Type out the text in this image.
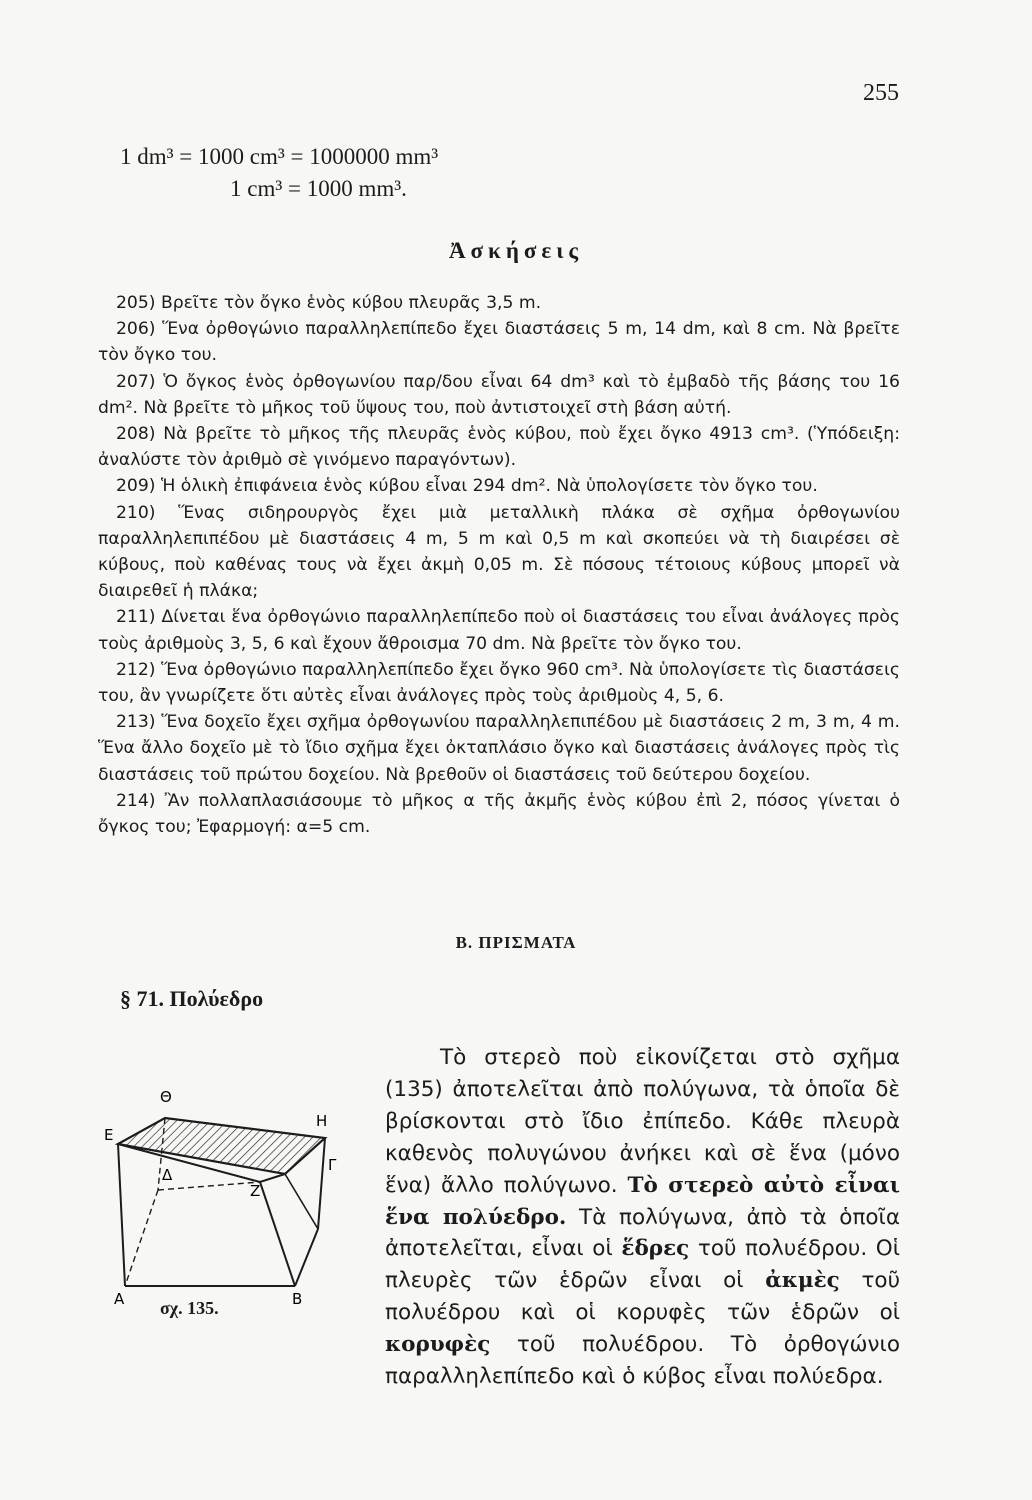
255
1 dm³ = 1000 cm³ = 1000000 mm³
1 cm³ = 1000 mm³.
Ἀσκήσεις

205) Βρεῖτε τὸν ὄγκο ἑνὸς κύβου πλευρᾶς 3,5 m.

206) Ἕνα ὀρθογώνιο παραλληλεπίπεδο ἔχει διαστάσεις 5 m, 14 dm, καὶ 8 cm. Νὰ βρεῖτε τὸν ὄγκο του.

207) Ὁ ὄγκος ἑνὸς ὀρθογωνίου παρ/δου εἶναι 64 dm³ καὶ τὸ ἐμβαδὸ τῆς βάσης του 16 dm². Νὰ βρεῖτε τὸ μῆκος τοῦ ὕψους του, ποὺ ἀντιστοιχεῖ στὴ βάση αὐτή.

208) Νὰ βρεῖτε τὸ μῆκος τῆς πλευρᾶς ἑνὸς κύβου, ποὺ ἔχει ὄγκο 4913 cm³. (Ὑπόδειξη: ἀναλύστε τὸν ἀριθμὸ σὲ γινόμενο παραγόντων).

209) Ἡ ὁλικὴ ἐπιφάνεια ἑνὸς κύβου εἶναι 294 dm². Νὰ ὑπολογίσετε τὸν ὄγκο του.

210) Ἕνας σιδηρουργὸς ἔχει μιὰ μεταλλικὴ πλάκα σὲ σχῆμα ὀρθογωνίου παραλληλεπιπέδου μὲ διαστάσεις 4 m, 5 m καὶ 0,5 m καὶ σκοπεύει νὰ τὴ διαιρέσει σὲ κύβους, ποὺ καθένας τους νὰ ἔχει ἀκμὴ 0,05 m. Σὲ πόσους τέτοιους κύβους μπορεῖ νὰ διαιρεθεῖ ἡ πλάκα;

211) Δίνεται ἕνα ὀρθογώνιο παραλληλεπίπεδο ποὺ οἱ διαστάσεις του εἶναι ἀνάλογες πρὸς τοὺς ἀριθμοὺς 3, 5, 6 καὶ ἔχουν ἄθροισμα 70 dm. Νὰ βρεῖτε τὸν ὄγκο του.

212) Ἕνα ὀρθογώνιο παραλληλεπίπεδο ἔχει ὄγκο 960 cm³. Νὰ ὑπολογίσετε τὶς διαστάσεις του, ἂν γνωρίζετε ὅτι αὐτὲς εἶναι ἀνάλογες πρὸς τοὺς ἀριθμοὺς 4, 5, 6.

213) Ἕνα δοχεῖο ἔχει σχῆμα ὀρθογωνίου παραλληλεπιπέδου μὲ διαστάσεις 2 m, 3 m, 4 m. Ἕνα ἄλλο δοχεῖο μὲ τὸ ἴδιο σχῆμα ἔχει ὀκταπλάσιο ὄγκο καὶ διαστάσεις ἀνάλογες πρὸς τὶς διαστάσεις τοῦ πρώτου δοχείου. Νὰ βρεθοῦν οἱ διαστάσεις τοῦ δεύτερου δοχείου.

214) Ἂν πολλαπλασιάσουμε τὸ μῆκος α τῆς ἀκμῆς ἑνὸς κύβου ἐπὶ 2, πόσος γίνεται ὁ ὄγκος του; Ἐφαρμογή: α=5 cm.

Β. ΠΡΙΣΜΑΤΑ
§ 71. Πολύεδρο
Θ
Η
Ε
Γ
Δ
Ζ
Α	Β
σχ. 135.

Τὸ στερεὸ ποὺ εἰκονίζεται στὸ σχῆμα (135) ἀποτελεῖται ἀπὸ πολύγωνα, τὰ ὁποῖα δὲ βρίσκονται στὸ ἴδιο ἐπίπεδο. Κάθε πλευρὰ καθενὸς πολυγώνου ἀνήκει καὶ σὲ ἕνα (μόνο ἕνα) ἄλλο πολύγωνο. Τὸ στερεὸ αὐτὸ εἶναι ἕνα πολύεδρο. Τὰ πολύγωνα, ἀπὸ τὰ ὁποῖα ἀποτελεῖται, εἶναι οἱ ἕδρες τοῦ πολυέδρου. Οἱ πλευρὲς τῶν ἑδρῶν εἶναι οἱ ἀκμὲς τοῦ πολυέδρου καὶ οἱ κορυφὲς τῶν ἑδρῶν οἱ κορυφὲς τοῦ πολυέδρου. Τὸ ὀρθογώνιο παραλληλεπίπεδο καὶ ὁ κύβος εἶναι πολύεδρα.
